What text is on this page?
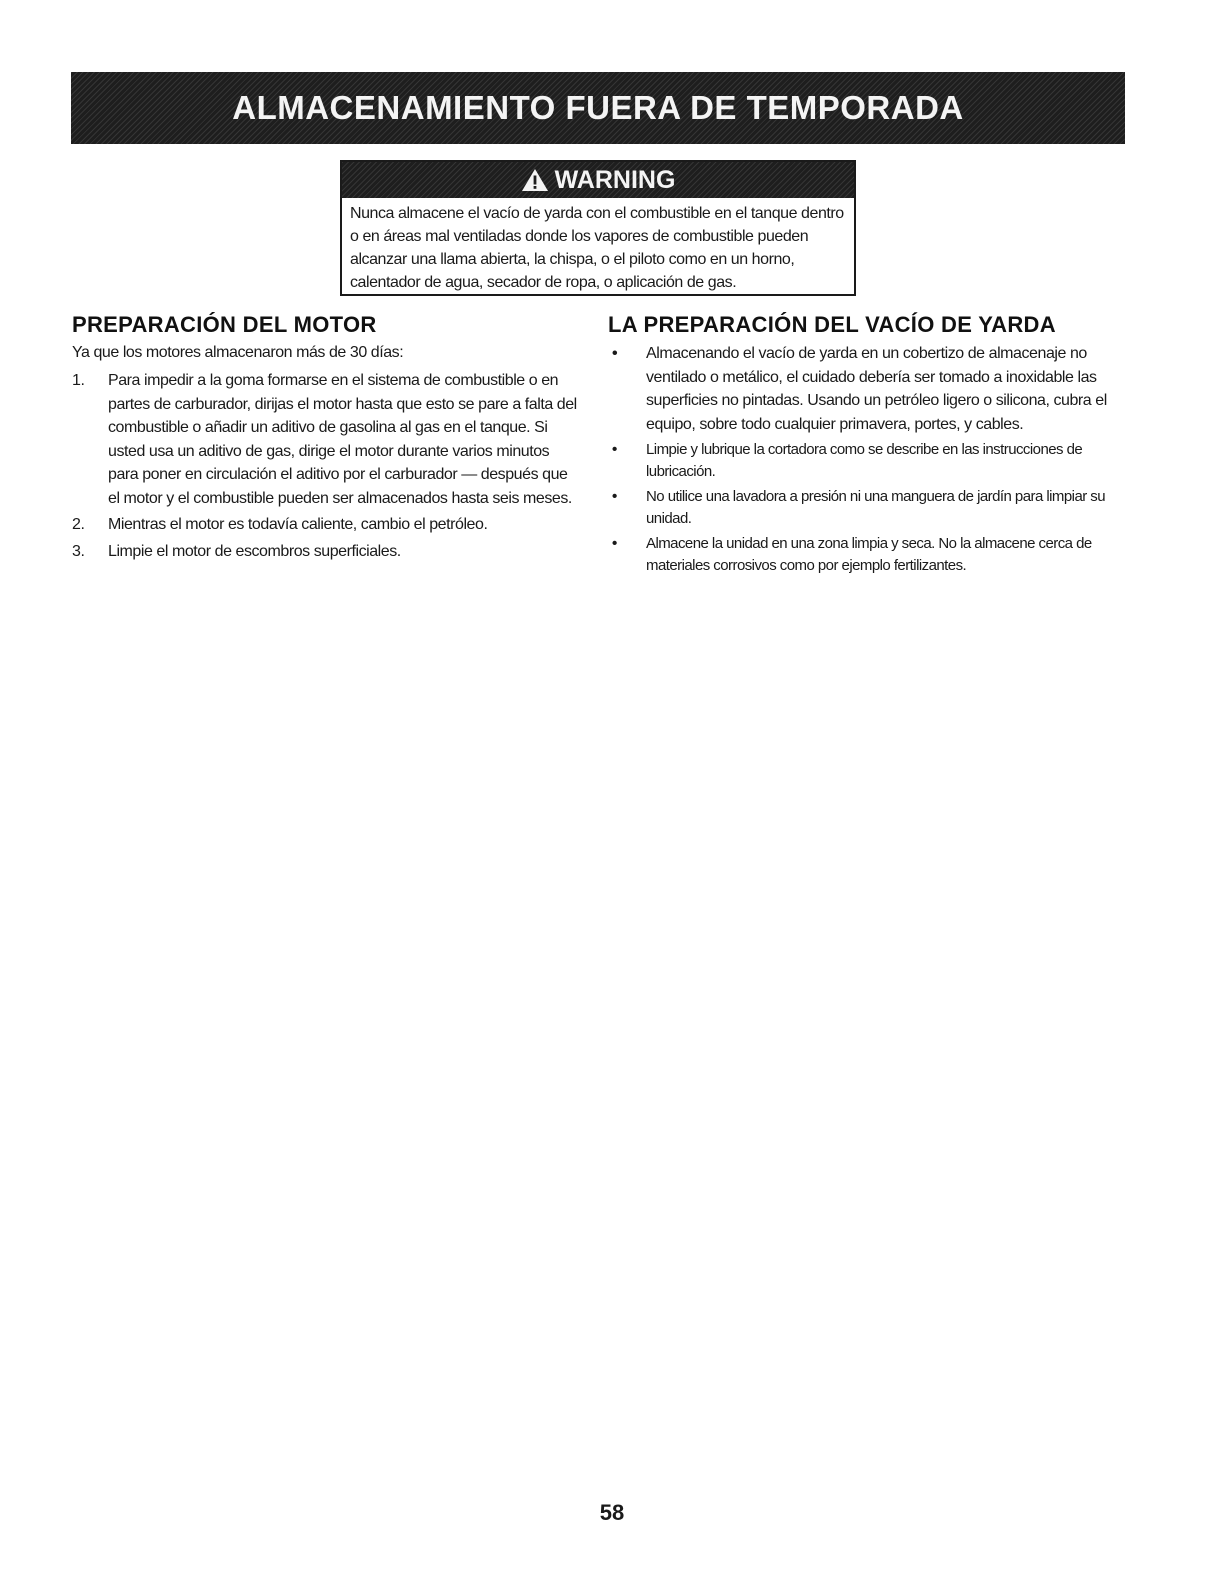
ALMACENAMIENTO FUERA DE TEMPORADA
WARNING

Nunca almacene el vacío de yarda con el combustible en el tanque dentro o en áreas mal ventiladas donde los vapores de combustible pueden alcanzar una llama abierta, la chispa, o el piloto como en un horno, calentador de agua, secador de ropa, o aplicación de gas.

PREPARACIÓN DEL MOTOR

Ya que los motores almacenaron más de 30 días:

1. Para impedir a la goma formarse en el sistema de combustible o en partes de carburador, dirijas el motor hasta que esto se pare a falta del combustible o añadir un aditivo de gasolina al gas en el tanque. Si usted usa un aditivo de gas, dirige el motor durante varios minutos para poner en circulación el aditivo por el carburador — después que el motor y el combustible pueden ser almacenados hasta seis meses.
2. Mientras el motor es todavía caliente, cambio el petróleo.
3. Limpie el motor de escombros superficiales.
LA PREPARACIÓN DEL VACÍO DE YARDA
• Almacenando el vacío de yarda en un cobertizo de almacenaje no ventilado o metálico, el cuidado debería ser tomado a inoxidable las superficies no pintadas. Usando un petróleo ligero o silicona, cubra el equipo, sobre todo cualquier primavera, portes, y cables.
• Limpie y lubrique la cortadora como se describe en las instrucciones de lubricación.
• No utilice una lavadora a presión ni una manguera de jardín para limpiar su unidad.
• Almacene la unidad en una zona limpia y seca. No la almacene cerca de materiales corrosivos como por ejemplo fertilizantes.
58
